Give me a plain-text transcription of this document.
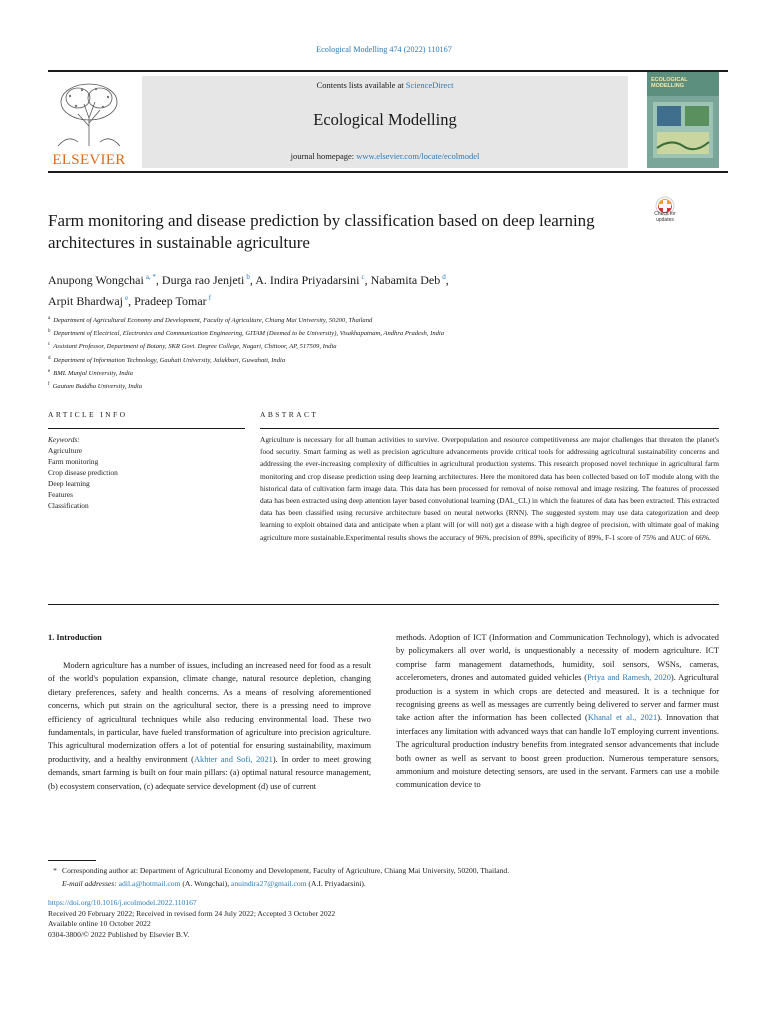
Ecological Modelling 474 (2022) 110167
ELSEVIER
Contents lists available at ScienceDirect
Ecological Modelling
journal homepage: www.elsevier.com/locate/ecolmodel
ECOLOGICAL MODELLING
Farm monitoring and disease prediction by classification based on deep learning architectures in sustainable agriculture
Check for updates
Anupong Wongchai $^{a, *}$, Durga rao Jenjeti $^b$, A. Indira Priyadarsini $^c$, Nabamita Deb $^d$,
Arpit Bhardwaj $^e$, Pradeep Tomar $^f$
$^a$ Department of Agricultural Economy and Development, Faculty of Agriculture, Chiang Mai University, 50200, Thailand
$^b$ Department of Electrical, Electronics and Communication Engineering, GITAM (Deemed to be University), Visakhapatnam, Andhra Pradesh, India
$^c$ Assistant Professor, Department of Botany, SKR Govt. Degree College, Nagari, Chittoor, AP, 517509, India
$^d$ Department of Information Technology, Gauhati University, Jalukbari, Guwahati, India
$^e$ BML Munjal University, India
$^f$ Gautam Buddha University, India
ARTICLE INFO	ABSTRACT
Keywords:
Agriculture
Farm monitoring
Crop disease prediction
Deep learning
Features
Classification
Agriculture is necessary for all human activities to survive. Overpopulation and resource competitiveness are major challenges that threaten the planet's food security. Smart farming as well as precision agriculture advancements provide critical tools for addressing agricultural sustainability concerns and addressing the ever-increasing complexity of difficulties in agricultural production systems. This research proposed novel technique in agricultural farm monitoring and crop disease prediction using deep learning architectures. Here the monitored data has been collected based on IoT module along with the historical data of cultivation farm image data. This data has been processed for removal of noise removal and image resizing. The features of processed data has been extracted using deep attention layer based convolutional learning (DAL_CL) in which the features of data has been extracted. This extracted data has been classified using recursive architecture based on neural networks (RNN). The suggested system may use data categorization and deep learning to exploit obtained data and anticipate when a plant will (or will not) get a disease with a high degree of precision, with ultimate goal of making agriculture more sustainable.Experimental results shows the accuracy of 96%, precision of 89%, specificity of 89%, F-1 score of 75% and AUC of 66%.
1. Introduction
Modern agriculture has a number of issues, including an increased need for food as a result of the world's population expansion, climate change, natural resource depletion, changing dietary preferences, safety and health concerns. As a means of resolving aforementioned concerns, which put strain on the agricultural sector, there is a pressing need to improve efficiency of agricultural techniques while also reducing environmental load. These two fundamentals, in particular, have fueled transformation of agriculture into precision agriculture. This agricultural modernization offers a lot of potential for ensuring sustainability, maximum productivity, and a healthy environment (Akhter and Sofi, 2021). In order to meet growing demands, smart farming is built on four main pillars: (a) optimal natural resource management, (b) ecosystem conservation, (c) adequate service development (d) use of current
methods. Adoption of ICT (Information and Communication Technology), which is advocated by policymakers all over world, is unquestionably a necessity of modern agriculture. ICT comprise farm management datamethods, humidity, soil sensors, WSNs, cameras, accelerometers, drones and automated guided vehicles (Priya and Ramesh, 2020). Agricultural production is a system in which crops are detected and measured. It is a technique for recognising greens as well as messages are currently being delivered to server and farmer must take action after the information has been collected (Khanal et al., 2021). Innovation that interfaces any limitation with advanced ways that can handle IoT employing current inventions. The agricultural production industry benefits from integrated sensor advancements that include both owner as well as servant to boost green production. Numerous temperature sensors, ammonium and moisture detecting sensors, are used in the servant. Farmers can use a mobile communication device to
* Corresponding author at: Department of Agricultural Economy and Development, Faculty of Agriculture, Chiang Mai University, 50200, Thailand.
E-mail addresses: adil.a@hotmail.com (A. Wongchai), anuindira27@gmail.com (A.I. Priyadarsini).
https://doi.org/10.1016/j.ecolmodel.2022.110167
Received 20 February 2022; Received in revised form 24 July 2022; Accepted 3 October 2022
Available online 10 October 2022
0304-3800/© 2022 Published by Elsevier B.V.
